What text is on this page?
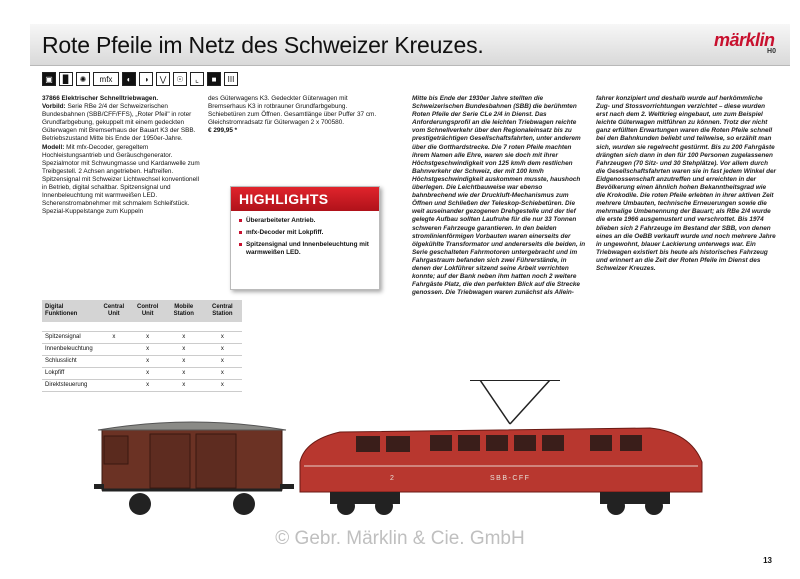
Rote Pfeile im Netz des Schweizer Kreuzes.	märklin
H0
▣	▉	✺	mfx	◐	◑	⋁	☉	⌞	■	III

37866 Elektrischer Schnelltriebwagen.

Vorbild: Serie RBe 2/4 der Schweizerischen Bundesbahnen (SBB/CFF/FFS), „Roter Pfeil" in roter Grundfarbgebung, gekuppelt mit einem gedeckten Güterwagen mit Bremserhaus der Bauart K3 der SBB. Betriebszustand Mitte bis Ende der 1950er-Jahre.

Modell: Mit mfx-Decoder, geregeltem Hochleistungsantrieb und Geräuschgenerator. Spezialmotor mit Schwungmasse und Kardanwelle zum Treibgestell. 2 Achsen angetrieben. Haftreifen. Spitzensignal mit Schweizer Lichtwechsel konventionell in Betrieb, digital schaltbar. Spitzensignal und Innenbeleuchtung mit warmweißen LED. Scherenstromabnehmer mit schmalem Schleifstück. Spezial-Kuppelstange zum Kuppeln

des Güterwagens K3. Gedeckter Güterwagen mit Bremserhaus K3 in rotbrauner Grundfarbgebung. Schiebetüren zum Öffnen. Gesamtlänge über Puffer 37 cm. Gleichstromradsatz für Güterwagen 2 x 700580.

€ 299,95 *

HIGHLIGHTS
Überarbeiteter Antrieb.
mfx-Decoder mit Lokpfiff.
Spitzensignal und Innenbeleuchtung mit warmweißen LED.
Mitte bis Ende der 1930er Jahre stellten die Schweizerischen Bundesbahnen (SBB) die berühmten Roten Pfeile der Serie CLe 2/4 in Dienst. Das Anforderungsprofil an die leichten Triebwagen reichte vom Schnellverkehr über den Regionaleinsatz bis zu prestigeträchtigen Gesellschaftsfahrten, unter anderem über die Gotthardstrecke. Die 7 roten Pfeile machten ihrem Namen alle Ehre, waren sie doch mit ihrer Höchstgeschwindigkeit von 125 km/h dem restlichen Bahnverkehr der Schweiz, der mit 100 km/h Höchstgeschwindigkeit auskommen musste, haushoch überlegen. Die Leichtbauweise war ebenso bahnbrechend wie der Druckluft-Mechanismus zum Öffnen und Schließen der Teleskop-Schiebetüren. Die weit auseinander gezogenen Drehgestelle und der tief gelegte Aufbau sollten Laufruhe für die nur 33 Tonnen schweren Fahrzeuge garantieren. In den beiden stromlinienförmigen Vorbauten waren einerseits der ölgekühlte Transformator und andererseits die beiden, in Serie geschalteten Fahrmotoren untergebracht und im Fahrgastraum befanden sich zwei Führerstände, in denen der Lokführer sitzend seine Arbeit verrichten konnte; auf der Bank neben ihm hatten noch 2 weitere Fahrgäste Platz, die den perfekten Blick auf die Strecke genossen. Die Triebwagen waren zunächst als Allein-
fahrer konzipiert und deshalb wurde auf herkömmliche Zug- und Stossvorrichtungen verzichtet – diese wurden erst nach dem 2. Weltkrieg eingebaut, um zum Beispiel leichte Güterwagen mitführen zu können. Trotz der nicht ganz erfüllten Erwartungen waren die Roten Pfeile schnell bei den Bahnkunden beliebt und teilweise, so erzählt man sich, wurden sie regelrecht gestürmt. Bis zu 200 Fahrgäste drängten sich dann in den für 100 Personen zugelassenen Fahrzeugen (70 Sitz- und 30 Stehplätze). Vor allem durch die Gesellschaftsfahrten waren sie in fast jedem Winkel der Eidgenossenschaft anzutreffen und erreichten in der Bevölkerung einen ähnlich hohen Bekanntheitsgrad wie die Krokodile. Die roten Pfeile erlebten in ihrer aktiven Zeit mehrere Umbauten, technische Erneuerungen sowie die mehrmalige Umbenennung der Bauart; als RBe 2/4 wurde die erste 1966 ausgemustert und verschrottet. Bis 1974 blieben sich 2 Fahrzeuge im Bestand der SBB, von denen eines an die OeBB verkauft wurde und noch mehrere Jahre in ungewohnt, blauer Lackierung unterwegs war. Ein Triebwagen existiert bis heute als historisches Fahrzeug und erinnert an die Zeit der Roten Pfeile im Dienst des Schweizer Kreuzes.
Digital Funktionen	Central Unit	Control Unit	Mobile Station	Central Station

Spitzensignal	x	x	x	x
Innenbeleuchtung		x	x	x
Schlusslicht		x	x	x
Lokpfiff		x	x	x
Direktsteuerung		x	x	x
SBB-CFF
2
© Gebr. Märklin & Cie. GmbH
13
